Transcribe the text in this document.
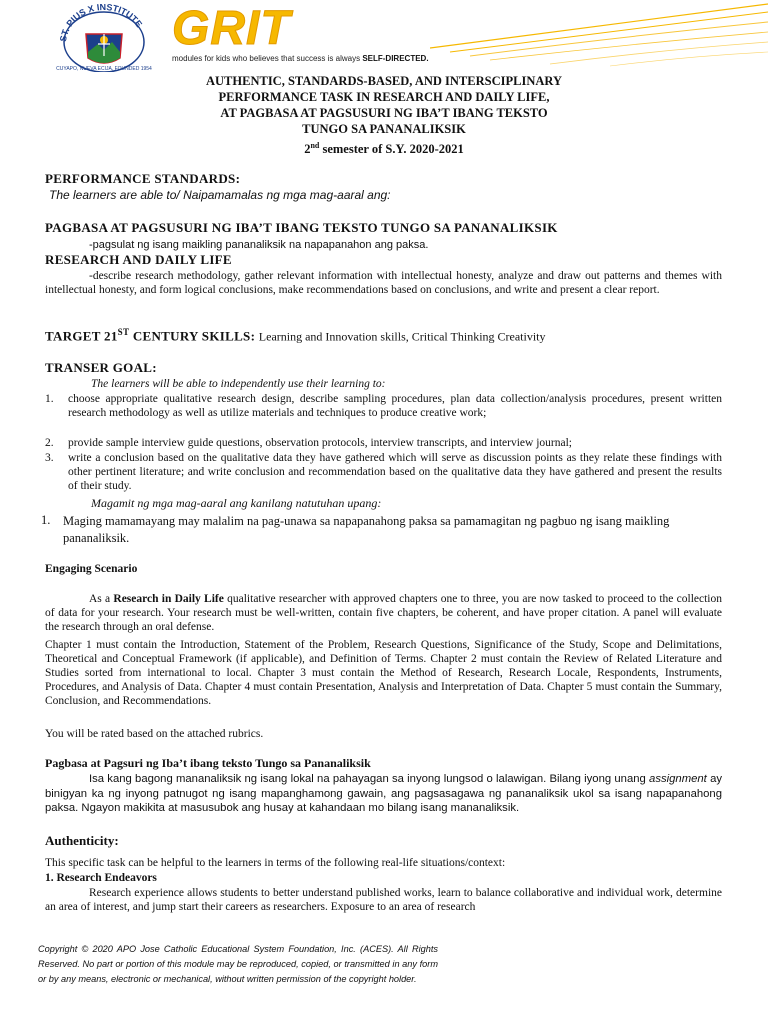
ST. PIUS X INSTITUTE
CUYAPO, NUEVA ECIJA, FOUNDED 1954
GRIT
modules for kids who believes that success is always SELF-DIRECTED.
AUTHENTIC, STANDARDS-BASED, AND INTERSCIPLINARY
PERFORMANCE TASK IN RESEARCH AND DAILY LIFE,
AT PAGBASA AT PAGSUSURI NG IBA’T IBANG TEKSTO
TUNGO SA PANANALIKSIK
2nd semester of S.Y. 2020-2021
PERFORMANCE STANDARDS:
The learners are able to/ Naipamamalas ng mga mag-aaral ang:
PAGBASA AT PAGSUSURI NG IBA’T IBANG TEKSTO TUNGO SA PANANALIKSIK
-pagsulat ng isang maikling pananaliksik na napapanahon ang paksa.
RESEARCH AND DAILY LIFE
-describe research methodology, gather relevant information with intellectual honesty, analyze and draw out patterns and themes with intellectual honesty, and form logical conclusions, make recommendations based on conclusions, and write and present a clear report.
TARGET 21ST CENTURY SKILLS: Learning and Innovation skills, Critical Thinking Creativity
TRANSER GOAL:
The learners will be able to independently use their learning to:
1. choose appropriate qualitative research design, describe sampling procedures, plan data collection/analysis procedures, present written research methodology as well as utilize materials and techniques to produce creative work;
2. provide sample interview guide questions, observation protocols, interview transcripts, and interview journal;
3. write a conclusion based on the qualitative data they have gathered which will serve as discussion points as they relate these findings with other pertinent literature; and write conclusion and recommendation based on the qualitative data they have gathered and present the results of their study.
Magamit ng mga mag-aaral ang kanilang natutuhan upang:
1. Maging mamamayang may malalim na pag-unawa sa napapanahong paksa sa pamamagitan ng pagbuo ng isang maikling pananaliksik.
Engaging Scenario
As a Research in Daily Life qualitative researcher with approved chapters one to three, you are now tasked to proceed to the collection of data for your research. Your research must be well-written, contain five chapters, be coherent, and have proper citation. A panel will evaluate the research through an oral defense.
Chapter 1 must contain the Introduction, Statement of the Problem, Research Questions, Significance of the Study, Scope and Delimitations, Theoretical and Conceptual Framework (if applicable), and Definition of Terms. Chapter 2 must contain the Review of Related Literature and Studies sorted from international to local. Chapter 3 must contain the Method of Research, Research Locale, Respondents, Instruments, Procedures, and Analysis of Data. Chapter 4 must contain Presentation, Analysis and Interpretation of Data. Chapter 5 must contain the Summary, Conclusion, and Recommendations.
You will be rated based on the attached rubrics.
Pagbasa at Pagsuri ng Iba’t ibang teksto Tungo sa Pananaliksik
Isa kang bagong mananaliksik ng isang lokal na pahayagan sa inyong lungsod o lalawigan. Bilang iyong unang assignment ay binigyan ka ng inyong patnugot ng isang mapanghamong gawain, ang pagsasagawa ng pananaliksik ukol sa isang napapanahong paksa. Ngayon makikita at masusubok ang husay at kahandaan mo bilang isang mananaliksik.
Authenticity:
This specific task can be helpful to the learners in terms of the following real-life situations/context:
1. Research Endeavors
Research experience allows students to better understand published works, learn to balance collaborative and individual work, determine an area of interest, and jump start their careers as researchers. Exposure to an area of research
Copyright © 2020 APO Jose Catholic Educational System Foundation, Inc. (ACES). All Rights Reserved. No part or portion of this module may be reproduced, copied, or transmitted in any form or by any means, electronic or mechanical, without written permission of the copyright holder.
